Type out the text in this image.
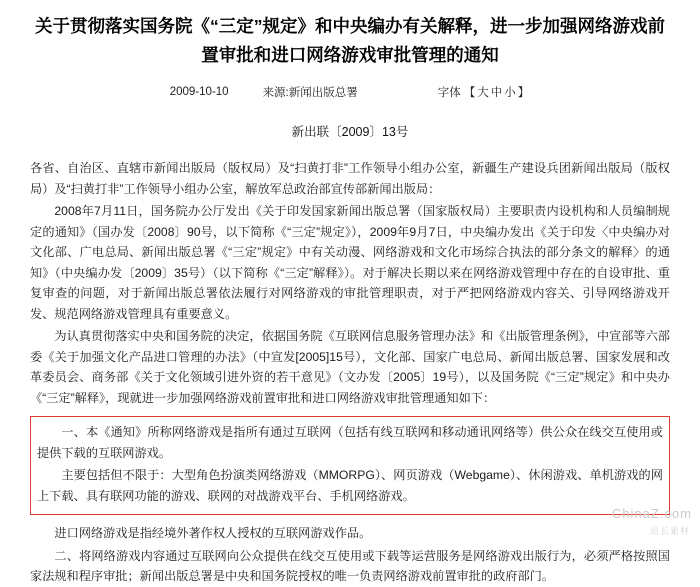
关于贯彻落实国务院《“三定”规定》和中央编办有关解释，进一步加强网络游戏前置审批和进口网络游戏审批管理的通知
2009-10-10	来源:新闻出版总署	字体 【 大 中 小 】
新出联〔2009〕13号

各省、自治区、直辖市新闻出版局（版权局）及“扫黄打非”工作领导小组办公室，新疆生产建设兵团新闻出版局（版权局）及“扫黄打非”工作领导小组办公室，解放军总政治部宣传部新闻出版局：

2008年7月11日，国务院办公厅发出《关于印发国家新闻出版总署（国家版权局）主要职责内设机构和人员编制规定的通知》（国办发〔2008〕90号，以下简称《“三定”规定》），2009年9月7日，中央编办发出《关于印发〈中央编办对文化部、广电总局、新闻出版总署《“三定”规定》中有关动漫、网络游戏和文化市场综合执法的部分条文的解释〉的通知》（中央编办发〔2009〕35号）（以下简称《“三定”解释》）。对于解决长期以来在网络游戏管理中存在的自设审批、重复审查的问题，对于新闻出版总署依法履行对网络游戏的审批管理职责，对于严把网络游戏内容关、引导网络游戏开发、规范网络游戏管理具有重要意义。

为认真贯彻落实中央和国务院的决定，依据国务院《互联网信息服务管理办法》和《出版管理条例》，中宣部等六部委《关于加强文化产品进口管理的办法》（中宣发[2005]15号），文化部、国家广电总局、新闻出版总署、国家发展和改革委员会、商务部《关于文化领域引进外资的若干意见》（文办发〔2005〕19号），以及国务院《“三定”规定》和中央办《“三定”解释》，现就进一步加强网络游戏前置审批和进口网络游戏审批管理通知如下：

一、本《通知》所称网络游戏是指所有通过互联网（包括有线互联网和移动通讯网络等）供公众在线交互使用或提供下载的互联网游戏。

主要包括但不限于：大型角色扮演类网络游戏（MMORPG）、网页游戏（Webgame）、休闲游戏、单机游戏的网上下载、具有联网功能的游戏、联网的对战游戏平台、手机网络游戏。

进口网络游戏是指经境外著作权人授权的互联网游戏作品。

二、将网络游戏内容通过互联网向公众提供在线交互使用或下载等运营服务是网络游戏出版行为，必须严格按照国家法规和程序审批；新闻出版总署是中央和国务院授权的唯一负责网络游戏前置审批的政府部门。

ChinaZ.com
站长素材
